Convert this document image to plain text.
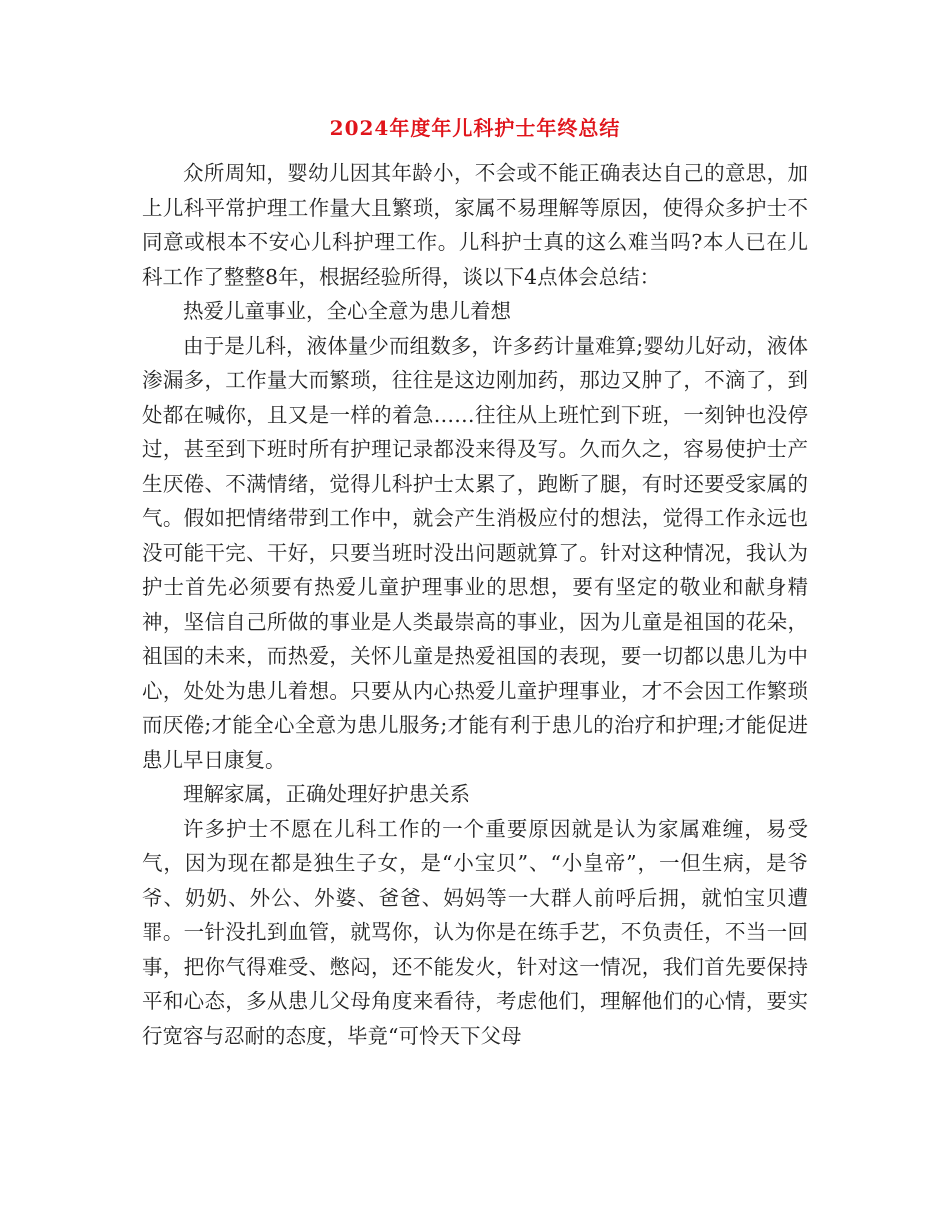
2024年度年儿科护士年终总结

众所周知，婴幼儿因其年龄小，不会或不能正确表达自己的意思，加上儿科平常护理工作量大且繁琐，家属不易理解等原因，使得众多护士不同意或根本不安心儿科护理工作。儿科护士真的这么难当吗?本人已在儿科工作了整整8年，根据经验所得，谈以下4点体会总结：

热爱儿童事业，全心全意为患儿着想

由于是儿科，液体量少而组数多，许多药计量难算;婴幼儿好动，液体渗漏多，工作量大而繁琐，往往是这边刚加药，那边又肿了，不滴了，到处都在喊你，且又是一样的着急……往往从上班忙到下班，一刻钟也没停过，甚至到下班时所有护理记录都没来得及写。久而久之，容易使护士产生厌倦、不满情绪，觉得儿科护士太累了，跑断了腿，有时还要受家属的气。假如把情绪带到工作中，就会产生消极应付的想法，觉得工作永远也没可能干完、干好，只要当班时没出问题就算了。针对这种情况，我认为护士首先必须要有热爱儿童护理事业的思想，要有坚定的敬业和献身精神，坚信自己所做的事业是人类最崇高的事业，因为儿童是祖国的花朵，祖国的未来，而热爱，关怀儿童是热爱祖国的表现，要一切都以患儿为中心，处处为患儿着想。只要从内心热爱儿童护理事业，才不会因工作繁琐而厌倦;才能全心全意为患儿服务;才能有利于患儿的治疗和护理;才能促进患儿早日康复。

理解家属，正确处理好护患关系

许多护士不愿在儿科工作的一个重要原因就是认为家属难缠，易受气，因为现在都是独生子女，是“小宝贝”、“小皇帝”，一但生病，是爷爷、奶奶、外公、外婆、爸爸、妈妈等一大群人前呼后拥，就怕宝贝遭罪。一针没扎到血管，就骂你，认为你是在练手艺，不负责任，不当一回事，把你气得难受、憋闷，还不能发火，针对这一情况，我们首先要保持平和心态，多从患儿父母角度来看待，考虑他们，理解他们的心情，要实行宽容与忍耐的态度，毕竟“可怜天下父母
